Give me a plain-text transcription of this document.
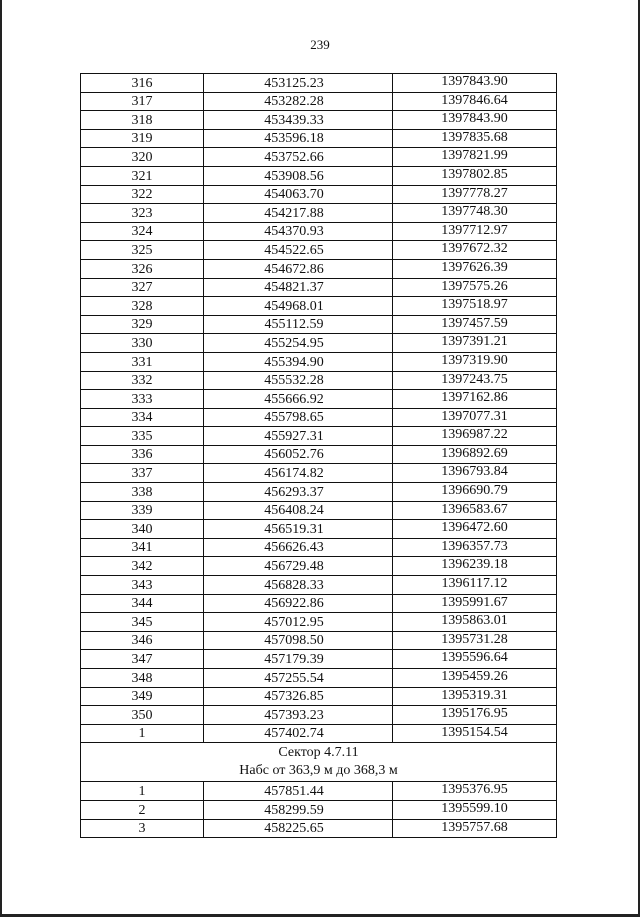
239
316	453125.23	1397843.90
317	453282.28	1397846.64
318	453439.33	1397843.90
319	453596.18	1397835.68
320	453752.66	1397821.99
321	453908.56	1397802.85
322	454063.70	1397778.27
323	454217.88	1397748.30
324	454370.93	1397712.97
325	454522.65	1397672.32
326	454672.86	1397626.39
327	454821.37	1397575.26
328	454968.01	1397518.97
329	455112.59	1397457.59
330	455254.95	1397391.21
331	455394.90	1397319.90
332	455532.28	1397243.75
333	455666.92	1397162.86
334	455798.65	1397077.31
335	455927.31	1396987.22
336	456052.76	1396892.69
337	456174.82	1396793.84
338	456293.37	1396690.79
339	456408.24	1396583.67
340	456519.31	1396472.60
341	456626.43	1396357.73
342	456729.48	1396239.18
343	456828.33	1396117.12
344	456922.86	1395991.67
345	457012.95	1395863.01
346	457098.50	1395731.28
347	457179.39	1395596.64
348	457255.54	1395459.26
349	457326.85	1395319.31
350	457393.23	1395176.95
1	457402.74	1395154.54

Сектор 4.7.11
Набс от 363,9 м до 368,3 м		

1	457851.44	1395376.95
2	458299.59	1395599.10
3	458225.65	1395757.68
